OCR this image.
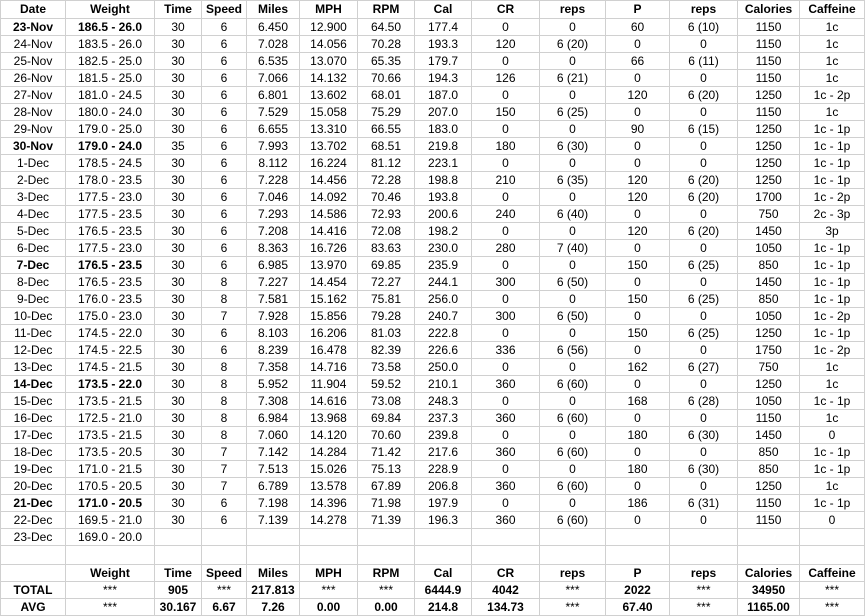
Date	Weight	Time	Speed	Miles	MPH	RPM	Cal	CR	reps	P	reps	Calories	Caffeine
23-Nov	186.5 - 26.0	30	6	6.450	12.900	64.50	177.4	0	0	60	6 (10)	1150	1c
24-Nov	183.5 - 26.0	30	6	7.028	14.056	70.28	193.3	120	6 (20)	0	0	1150	1c
25-Nov	182.5 - 25.0	30	6	6.535	13.070	65.35	179.7	0	0	66	6 (11)	1150	1c
26-Nov	181.5 - 25.0	30	6	7.066	14.132	70.66	194.3	126	6 (21)	0	0	1150	1c
27-Nov	181.0 - 24.5	30	6	6.801	13.602	68.01	187.0	0	0	120	6 (20)	1250	1c - 2p
28-Nov	180.0 - 24.0	30	6	7.529	15.058	75.29	207.0	150	6 (25)	0	0	1150	1c
29-Nov	179.0 - 25.0	30	6	6.655	13.310	66.55	183.0	0	0	90	6 (15)	1250	1c - 1p
30-Nov	179.0 - 24.0	35	6	7.993	13.702	68.51	219.8	180	6 (30)	0	0	1250	1c - 1p
1-Dec	178.5 - 24.5	30	6	8.112	16.224	81.12	223.1	0	0	0	0	1250	1c - 1p
2-Dec	178.0 - 23.5	30	6	7.228	14.456	72.28	198.8	210	6 (35)	120	6 (20)	1250	1c - 1p
3-Dec	177.5 - 23.0	30	6	7.046	14.092	70.46	193.8	0	0	120	6 (20)	1700	1c - 2p
4-Dec	177.5 - 23.5	30	6	7.293	14.586	72.93	200.6	240	6 (40)	0	0	750	2c - 3p
5-Dec	176.5 - 23.5	30	6	7.208	14.416	72.08	198.2	0	0	120	6 (20)	1450	3p
6-Dec	177.5 - 23.0	30	6	8.363	16.726	83.63	230.0	280	7 (40)	0	0	1050	1c - 1p
7-Dec	176.5 - 23.5	30	6	6.985	13.970	69.85	235.9	0	0	150	6 (25)	850	1c - 1p
8-Dec	176.5 - 23.5	30	8	7.227	14.454	72.27	244.1	300	6 (50)	0	0	1450	1c - 1p
9-Dec	176.0 - 23.5	30	8	7.581	15.162	75.81	256.0	0	0	150	6 (25)	850	1c - 1p
10-Dec	175.0 - 23.0	30	7	7.928	15.856	79.28	240.7	300	6 (50)	0	0	1050	1c - 2p
11-Dec	174.5 - 22.0	30	6	8.103	16.206	81.03	222.8	0	0	150	6 (25)	1250	1c - 1p
12-Dec	174.5 - 22.5	30	6	8.239	16.478	82.39	226.6	336	6 (56)	0	0	1750	1c - 2p
13-Dec	174.5 - 21.5	30	8	7.358	14.716	73.58	250.0	0	0	162	6 (27)	750	1c
14-Dec	173.5 - 22.0	30	8	5.952	11.904	59.52	210.1	360	6 (60)	0	0	1250	1c
15-Dec	173.5 - 21.5	30	8	7.308	14.616	73.08	248.3	0	0	168	6 (28)	1050	1c - 1p
16-Dec	172.5 - 21.0	30	8	6.984	13.968	69.84	237.3	360	6 (60)	0	0	1150	1c
17-Dec	173.5 - 21.5	30	8	7.060	14.120	70.60	239.8	0	0	180	6 (30)	1450	0
18-Dec	173.5 - 20.5	30	7	7.142	14.284	71.42	217.6	360	6 (60)	0	0	850	1c - 1p
19-Dec	171.0 - 21.5	30	7	7.513	15.026	75.13	228.9	0	0	180	6 (30)	850	1c - 1p
20-Dec	170.5 - 20.5	30	7	6.789	13.578	67.89	206.8	360	6 (60)	0	0	1250	1c
21-Dec	171.0 - 20.5	30	6	7.198	14.396	71.98	197.9	0	0	186	6 (31)	1150	1c - 1p
22-Dec	169.5 - 21.0	30	6	7.139	14.278	71.39	196.3	360	6 (60)	0	0	1150	0
23-Dec	169.0 - 20.0												

	Weight	Time	Speed	Miles	MPH	RPM	Cal	CR	reps	P	reps	Calories	Caffeine
TOTAL	***	905	***	217.813	***	***	6444.9	4042	***	2022	***	34950	***
AVG	***	30.167	6.67	7.26	0.00	0.00	214.8	134.73	***	67.40	***	1165.00	***
